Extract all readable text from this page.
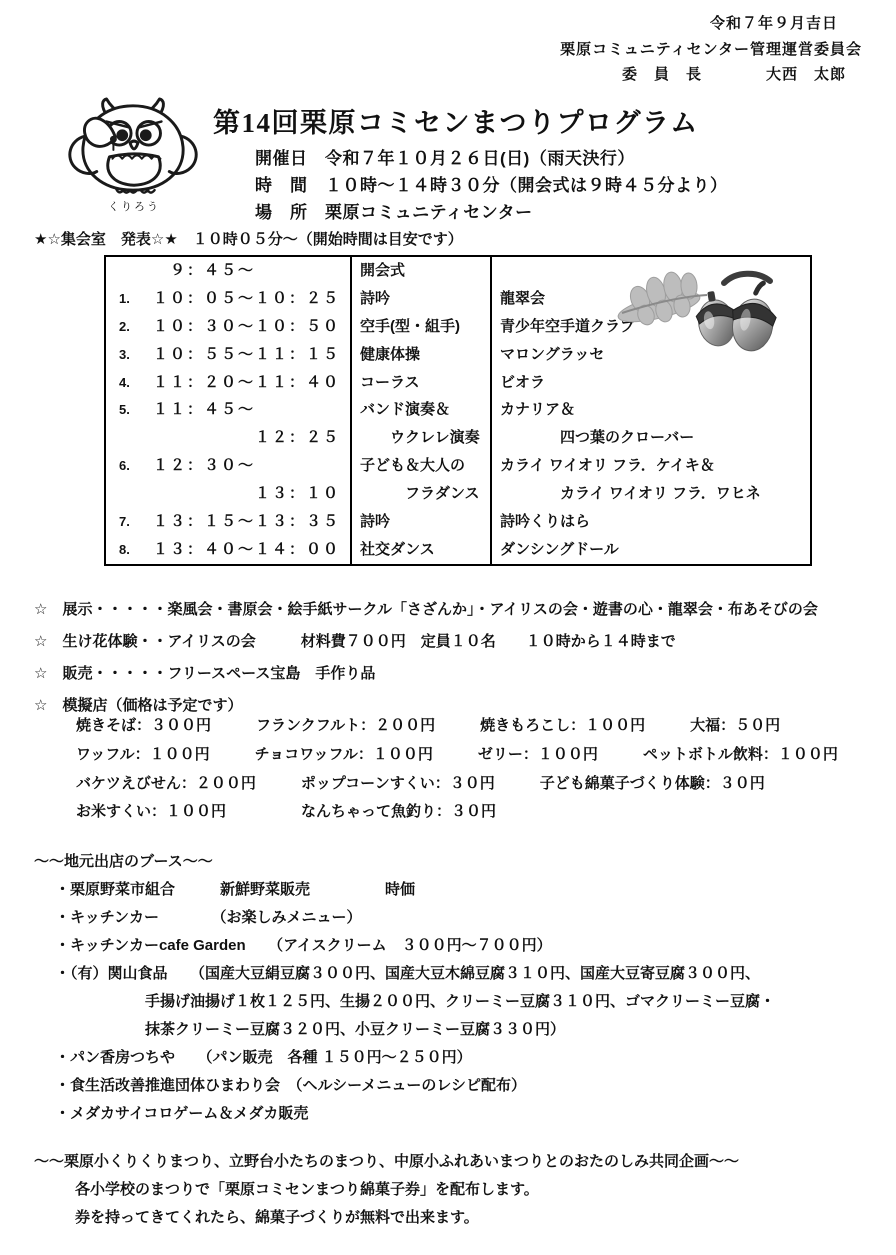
令和７年９月吉日
栗原コミュニティセンター管理運営委員会
委　員　長　　　　大西　太郎
くりろう
第14回栗原コミセンまつりプログラム
開催日　令和７年１０月２６日(日)（雨天決行）
時　間　１０時～１４時３０分（開会式は９時４５分より）
場　所　栗原コミュニティセンター
★☆集会室　発表☆★　１０時０５分～（開始時間は目安です）
　９：４５～	開会式
1.	１０：０５～１０：２５	詩吟	龍翠会
2.	１０：３０～１０：５０	空手(型・組手)	青少年空手道クラブ
3.	１０：５５～１１：１５	健康体操	マロングラッセ
4.	１１：２０～１１：４０	コーラス	ビオラ
5.	１１：４５～	バンド演奏＆	カナリア＆
　　　　　　１２：２５	　　ウクレレ演奏	　　　　四つ葉のクローバー
6.	１２：３０～	子ども＆大人の	カライ ワイオリ フラ．ケイキ＆
　　　　　　１３：１０	　　　フラダンス	　　　　カライ ワイオリ フラ．ワヒネ
7.	１３：１５～１３：３５	詩吟	詩吟くりはら
8.	１３：４０～１４：００	社交ダンス	ダンシングドール
☆　展示・・・・・楽風会・書原会・絵手紙サークル「さざんか」・アイリスの会・遊書の心・龍翠会・布あそびの会
☆　生け花体験・・アイリスの会　　　材料費７００円　定員１０名　　１０時から１４時まで
☆　販売・・・・・フリースペース宝島　手作り品
☆　模擬店（価格は予定です）
焼きそば：３００円　　　フランクフルト：２００円　　　焼きもろこし：１００円　　　大福：５０円
ワッフル：１００円　　　チョコワッフル：１００円　　　ゼリー：１００円　　　ペットボトル飲料：１００円
バケツえびせん：２００円　　　ポップコーンすくい：３０円　　　子ども綿菓子づくり体験：３０円
お米すくい：１００円　　　　　なんちゃって魚釣り：３０円
～～地元出店のブース～～
・栗原野菜市組合　　　新鮮野菜販売　　　　　時価
・キッチンカー　　　　（お楽しみメニュー）
・キッチンカーcafe Garden　　（アイスクリーム　３００円～７００円）
・（有）関山食品　　（国産大豆絹豆腐３００円、国産大豆木綿豆腐３１０円、国産大豆寄豆腐３００円、
　　　　　　手揚げ油揚げ１枚１２５円、生揚２００円、クリーミー豆腐３１０円、ゴマクリーミー豆腐・
　　　　　　抹茶クリーミー豆腐３２０円、小豆クリーミー豆腐３３０円）
・パン香房つちや　　（パン販売　各種 １５０円～２５０円）
・食生活改善推進団体ひまわり会　（ヘルシーメニューのレシピ配布）
・メダカサイコロゲーム＆メダカ販売
～～栗原小くりくりまつり、立野台小たちのまつり、中原小ふれあいまつりとのおたのしみ共同企画～～
各小学校のまつりで「栗原コミセンまつり綿菓子券」を配布します。
券を持ってきてくれたら、綿菓子づくりが無料で出来ます。
